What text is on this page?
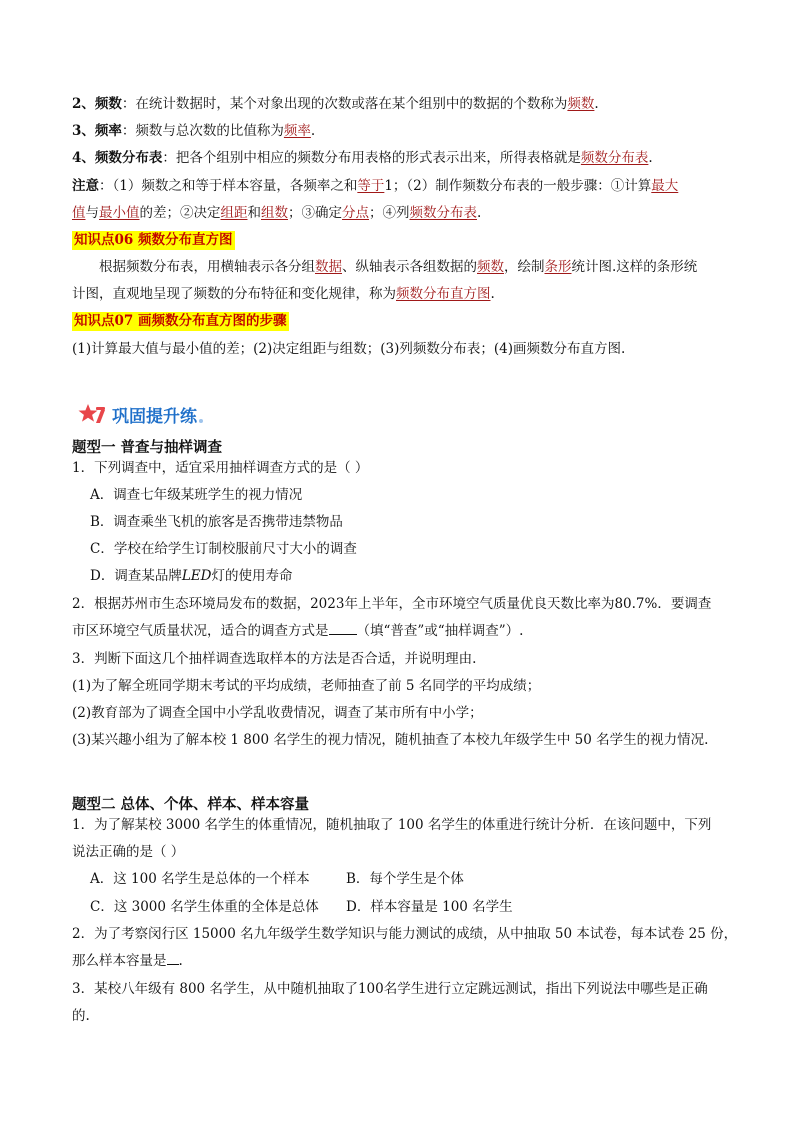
2、频数：在统计数据时，某个对象出现的次数或落在某个组别中的数据的个数称为频数.
3、频率：频数与总次数的比值称为频率.
4、频数分布表：把各个组别中相应的频数分布用表格的形式表示出来，所得表格就是频数分布表.
注意：（1）频数之和等于样本容量，各频率之和等于1；（2）制作频数分布表的一般步骤：①计算最大
值与最小值的差；②决定组距和组数；③确定分点；④列频数分布表.
知识点06 频数分布直方图
根据频数分布表，用横轴表示各分组数据、纵轴表示各组数据的频数，绘制条形统计图.这样的条形统
计图，直观地呈现了频数的分布特征和变化规律，称为频数分布直方图.
知识点07 画频数分布直方图的步骤
(1)计算最大值与最小值的差；(2)决定组距与组数；(3)列频数分布表；(4)画频数分布直方图.
巩固提升练
题型一 普查与抽样调查
1．下列调查中，适宜采用抽样调查方式的是（ ）
A．调查七年级某班学生的视力情况
B．调查乘坐飞机的旅客是否携带违禁物品
C．学校在给学生订制校服前尺寸大小的调查
D．调查某品牌LED灯的使用寿命
2．根据苏州市生态环境局发布的数据，2023年上半年，全市环境空气质量优良天数比率为80.7%．要调查
市区环境空气质量状况，适合的调查方式是 （填“普查”或“抽样调查”）.
3．判断下面这几个抽样调查选取样本的方法是否合适，并说明理由.
(1)为了解全班同学期末考试的平均成绩，老师抽查了前 5 名同学的平均成绩；
(2)教育部为了调查全国中小学乱收费情况，调查了某市所有中小学；
(3)某兴趣小组为了解本校 1 800 名学生的视力情况，随机抽查了本校九年级学生中 50 名学生的视力情况.
题型二 总体、个体、样本、样本容量
1．为了解某校 3000 名学生的体重情况，随机抽取了 100 名学生的体重进行统计分析．在该问题中，下列
说法正确的是（ ）
A．这 100 名学生是总体的一个样本	B．每个学生是个体
C．这 3000 名学生体重的全体是总体 D．样本容量是 100 名学生
2．为了考察闵行区 15000 名九年级学生数学知识与能力测试的成绩，从中抽取 50 本试卷，每本试卷 25 份，
那么样本容量是 .
3．某校八年级有 800 名学生，从中随机抽取了100名学生进行立定跳远测试，指出下列说法中哪些是正确
的.
